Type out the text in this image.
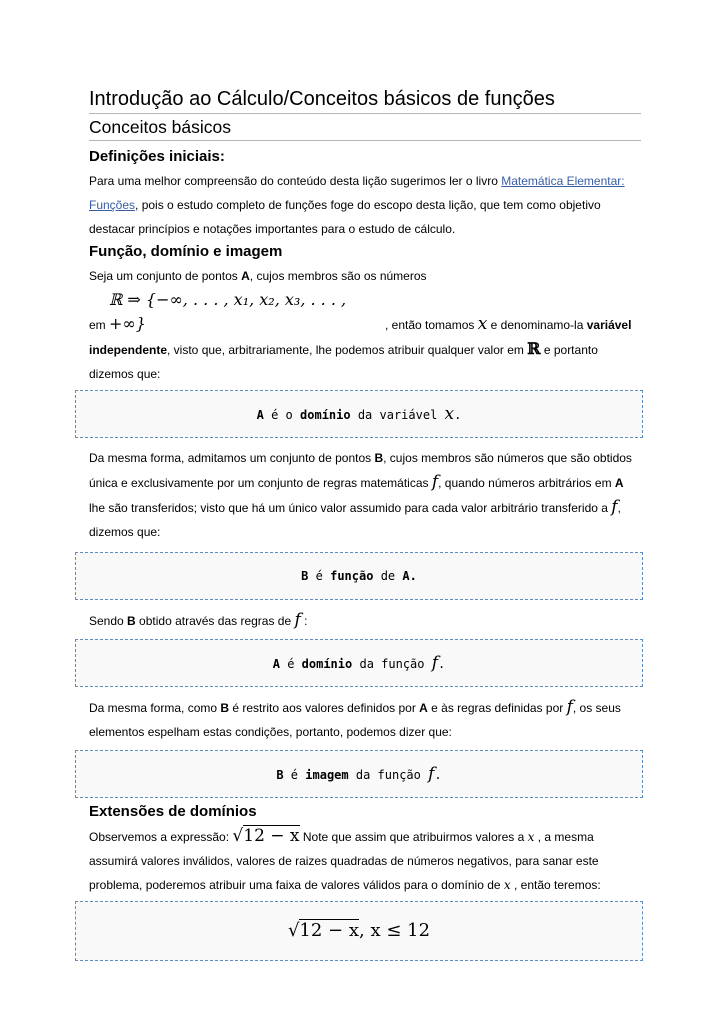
Introdução ao Cálculo/Conceitos básicos de funções
Conceitos básicos
Definições iniciais:

Para uma melhor compreensão do conteúdo desta lição sugerimos ler o livro Matemática Elementar: Funções, pois o estudo completo de funções foge do escopo desta lição, que tem como objetivo destacar princípios e notações importantes para o estudo de cálculo.

Função, domínio e imagem

Seja um conjunto de pontos A, cujos membros são os números
em ℝ ⇒ {−∞, . . . , x₁, x₂, x₃, . . . , +∞}	, então tomamos x e denominamo-la variável independente, visto que, arbitrariamente, lhe podemos atribuir qualquer valor em ℝ e portanto dizemos que:

A é o domínio da variável x.

Da mesma forma, admitamos um conjunto de pontos B, cujos membros são números que são obtidos única e exclusivamente por um conjunto de regras matemáticas f, quando números arbitrários em A lhe são transferidos; visto que há um único valor assumido para cada valor arbitrário transferido a f, dizemos que:

B é função de A.

Sendo B obtido através das regras de f :

A é domínio da função f.

Da mesma forma, como B é restrito aos valores definidos por A e às regras definidas por f, os seus elementos espelham estas condições, portanto, podemos dizer que:

B é imagem da função f.
Extensões de domínios

Observemos a expressão: √12 − x Note que assim que atribuirmos valores a x , a mesma assumirá valores inválidos, valores de raizes quadradas de números negativos, para sanar este problema, poderemos atribuir uma faixa de valores válidos para o domínio de x , então teremos:

√12 − x, x ≤ 12
